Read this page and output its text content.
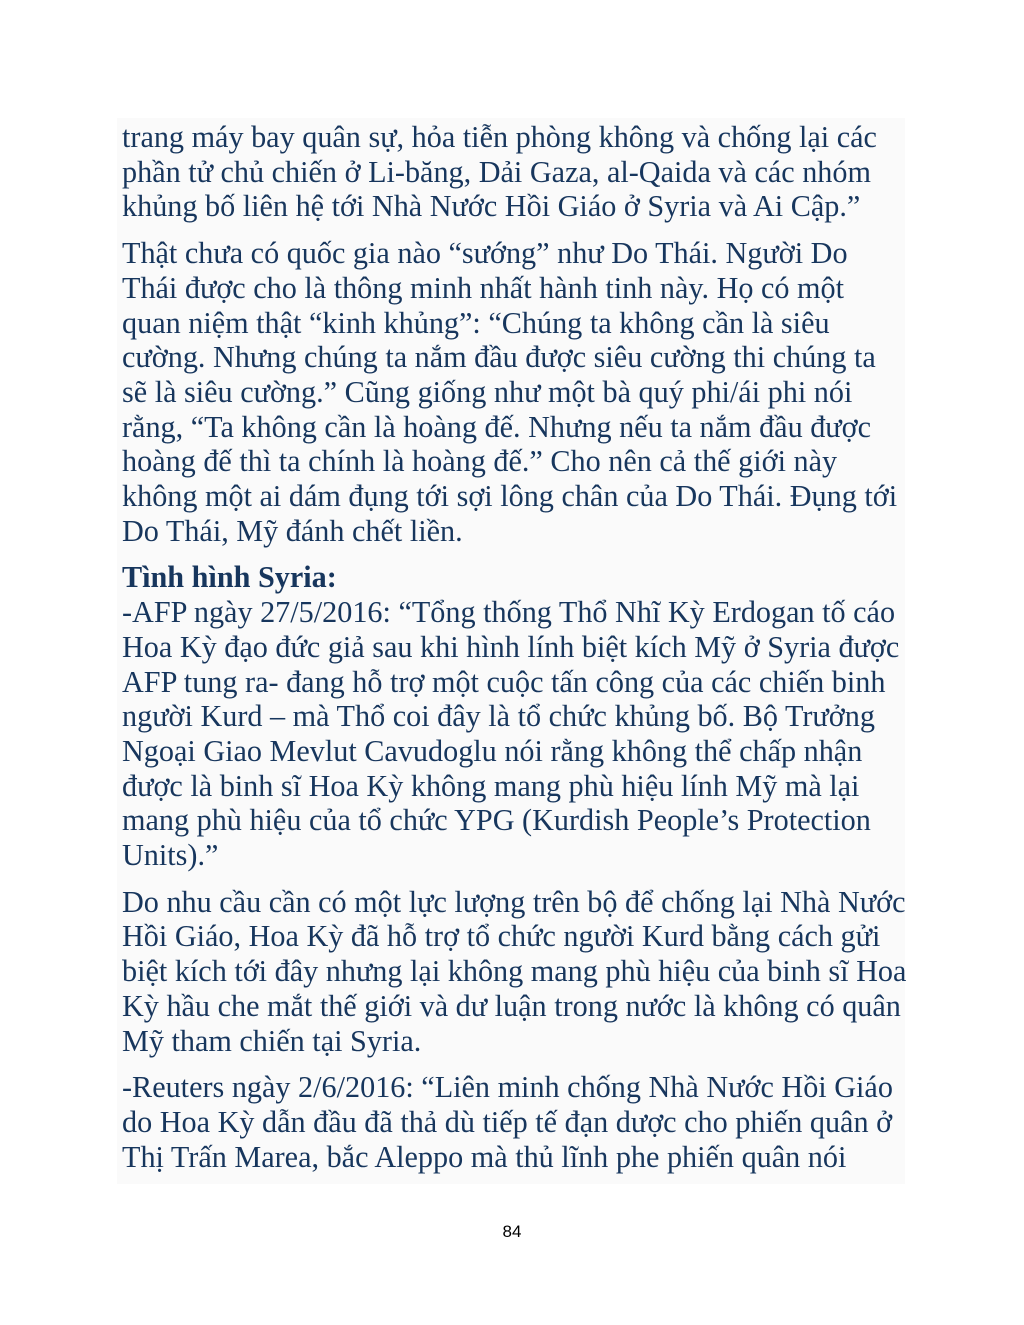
trang máy bay quân sự, hỏa tiễn phòng không và chống lại các
phần tử chủ chiến ở Li-băng, Dải Gaza, al-Qaida và các nhóm
khủng bố liên hệ tới Nhà Nước Hồi Giáo ở Syria và Ai Cập.”

Thật chưa có quốc gia nào “sướng” như Do Thái. Người Do
Thái được cho là thông minh nhất hành tinh này. Họ có một
quan niệm thật “kinh khủng”: “Chúng ta không cần là siêu
cường. Nhưng chúng ta nắm đầu được siêu cường thi chúng ta
sẽ là siêu cường.” Cũng giống như một bà quý phi/ái phi nói
rằng, “Ta không cần là hoàng đế. Nhưng nếu ta nắm đầu được
hoàng đế thì ta chính là hoàng đế.” Cho nên cả thế giới này
không một ai dám đụng tới sợi lông chân của Do Thái. Đụng tới
Do Thái, Mỹ đánh chết liền.

Tình hình Syria:
-AFP ngày 27/5/2016: “Tổng thống Thổ Nhĩ Kỳ Erdogan tố cáo
Hoa Kỳ đạo đức giả sau khi hình lính biệt kích Mỹ ở Syria được
AFP tung ra- đang hỗ trợ một cuộc tấn công của các chiến binh
người Kurd – mà Thổ coi đây là tổ chức khủng bố. Bộ Trưởng
Ngoại Giao Mevlut Cavudoglu nói rằng không thể chấp nhận
được là binh sĩ Hoa Kỳ không mang phù hiệu lính Mỹ mà lại
mang phù hiệu của tổ chức YPG (Kurdish People’s Protection
Units).”

Do nhu cầu cần có một lực lượng trên bộ để chống lại Nhà Nước
Hồi Giáo, Hoa Kỳ đã hỗ trợ tổ chức người Kurd bằng cách gửi
biệt kích tới đây nhưng lại không mang phù hiệu của binh sĩ Hoa
Kỳ hầu che mắt thế giới và dư luận trong nước là không có quân
Mỹ tham chiến tại Syria.

-Reuters ngày 2/6/2016: “Liên minh chống Nhà Nước Hồi Giáo
do Hoa Kỳ dẫn đầu đã thả dù tiếp tế đạn dược cho phiến quân ở
Thị Trấn Marea, bắc Aleppo mà thủ lĩnh phe phiến quân nói

84
